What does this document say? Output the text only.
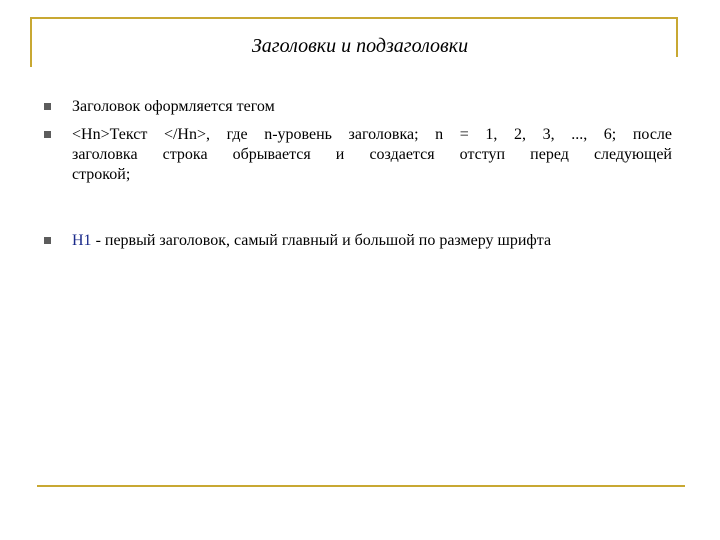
Заголовки и подзаголовки
Заголовок оформляется тегом
<Hn>Текст </Hn>, где n-уровень заголовка; n = 1, 2, 3, ..., 6; после
заголовка строка обрывается и создается отступ перед следующей
строкой;
H1 - первый заголовок, самый главный и большой по размеру шрифта
